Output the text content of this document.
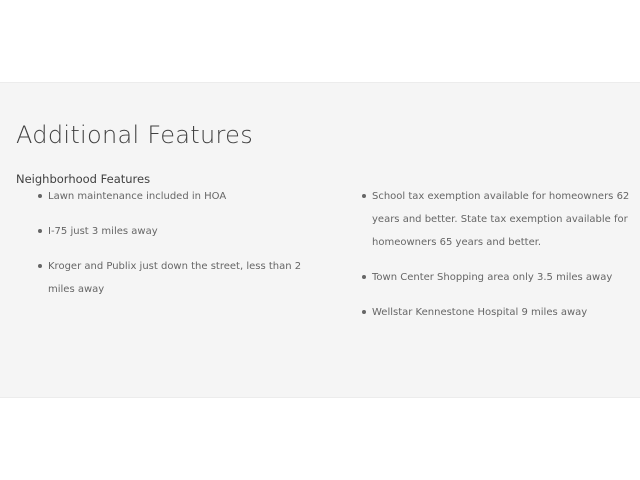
Additional Features
Neighborhood Features
Lawn maintenance included in HOA
I-75 just 3 miles away
Kroger and Publix just down the street, less than 2 miles away
School tax exemption available for homeowners 62 years and better. State tax exemption available for homeowners 65 years and better.
Town Center Shopping area only 3.5 miles away
Wellstar Kennestone Hospital 9 miles away
